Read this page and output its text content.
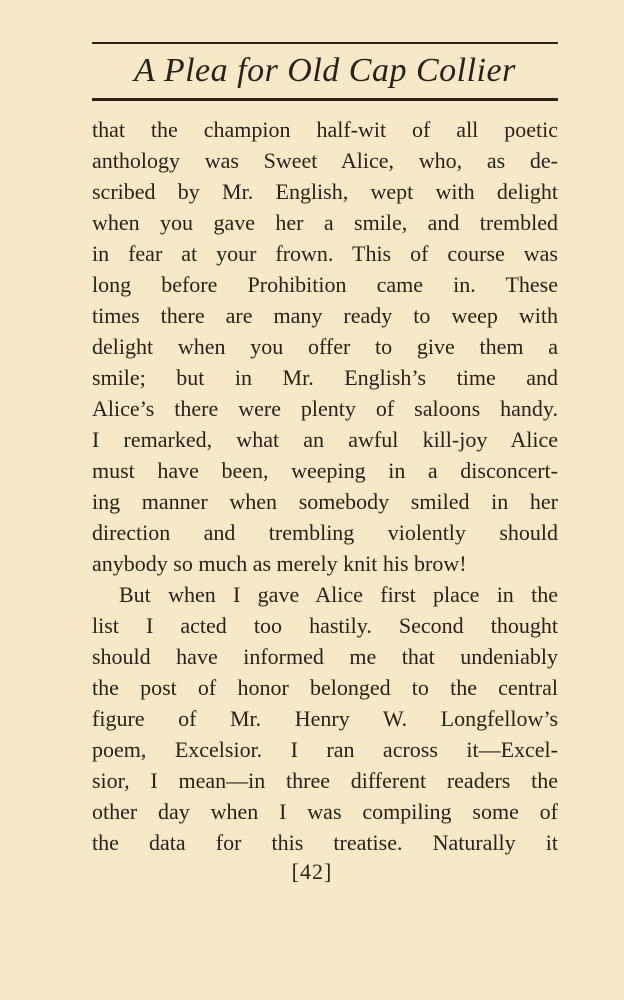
A Plea for Old Cap Collier
that the champion half-wit of all poetic
anthology was Sweet Alice, who, as de-
scribed by Mr. English, wept with delight
when you gave her a smile, and trembled
in fear at your frown. This of course was
long before Prohibition came in. These
times there are many ready to weep with
delight when you offer to give them a
smile; but in Mr. English’s time and
Alice’s there were plenty of saloons handy.
I remarked, what an awful kill-joy Alice
must have been, weeping in a disconcert-
ing manner when somebody smiled in her
direction and trembling violently should
anybody so much as merely knit his brow!
But when I gave Alice first place in the
list I acted too hastily. Second thought
should have informed me that undeniably
the post of honor belonged to the central
figure of Mr. Henry W. Longfellow’s
poem, Excelsior. I ran across it—Excel-
sior, I mean—in three different readers the
other day when I was compiling some of
the data for this treatise. Naturally it
[42]
